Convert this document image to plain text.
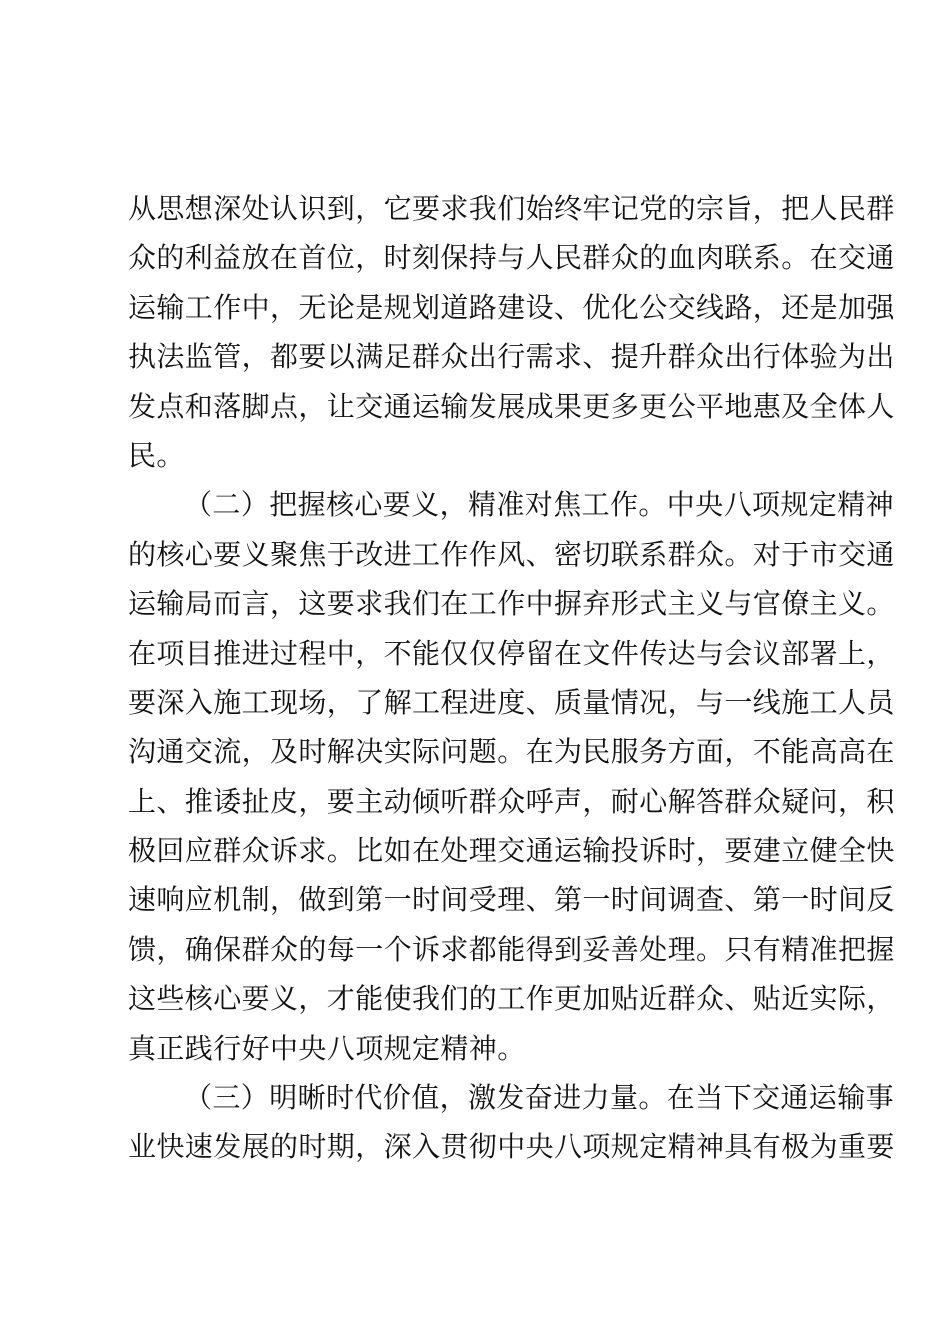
从思想深处认识到，它要求我们始终牢记党的宗旨，把人民群
众的利益放在首位，时刻保持与人民群众的血肉联系。在交通
运输工作中，无论是规划道路建设、优化公交线路，还是加强
执法监管，都要以满足群众出行需求、提升群众出行体验为出
发点和落脚点，让交通运输发展成果更多更公平地惠及全体人
民。
（二）把握核心要义，精准对焦工作。中央八项规定精神
的核心要义聚焦于改进工作作风、密切联系群众。对于市交通
运输局而言，这要求我们在工作中摒弃形式主义与官僚主义。
在项目推进过程中，不能仅仅停留在文件传达与会议部署上，
要深入施工现场，了解工程进度、质量情况，与一线施工人员
沟通交流，及时解决实际问题。在为民服务方面，不能高高在
上、推诿扯皮，要主动倾听群众呼声，耐心解答群众疑问，积
极回应群众诉求。比如在处理交通运输投诉时，要建立健全快
速响应机制，做到第一时间受理、第一时间调查、第一时间反
馈，确保群众的每一个诉求都能得到妥善处理。只有精准把握
这些核心要义，才能使我们的工作更加贴近群众、贴近实际，
真正践行好中央八项规定精神。
（三）明晰时代价值，激发奋进力量。在当下交通运输事
业快速发展的时期，深入贯彻中央八项规定精神具有极为重要
